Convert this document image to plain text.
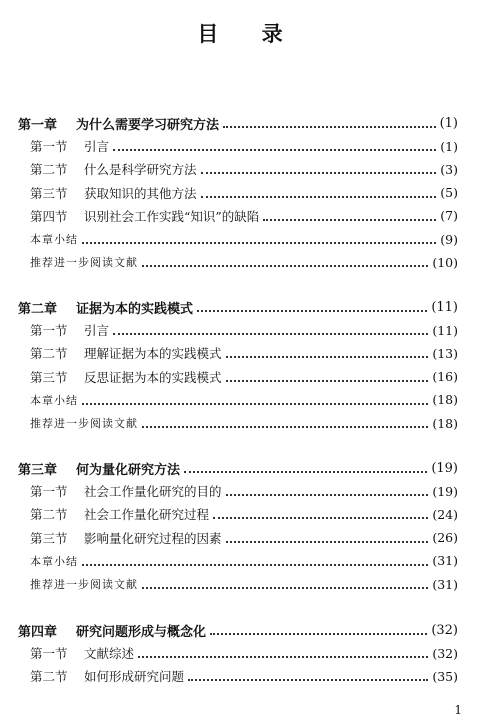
目 录
第一章	为什么需要学习研究方法	(1)
第一节	引言	(1)
第二节	什么是科学研究方法	(3)
第三节	获取知识的其他方法	(5)
第四节	识别社会工作实践“知识”的缺陷	(7)
本章小结	(9)
推荐进一步阅读文献	(10)
第二章	证据为本的实践模式	(11)
第一节	引言	(11)
第二节	理解证据为本的实践模式	(13)
第三节	反思证据为本的实践模式	(16)
本章小结	(18)
推荐进一步阅读文献	(18)
第三章	何为量化研究方法	(19)
第一节	社会工作量化研究的目的	(19)
第二节	社会工作量化研究过程	(24)
第三节	影响量化研究过程的因素	(26)
本章小结	(31)
推荐进一步阅读文献	(31)
第四章	研究问题形成与概念化	(32)
第一节	文献综述	(32)
第二节	如何形成研究问题	(35)
1
